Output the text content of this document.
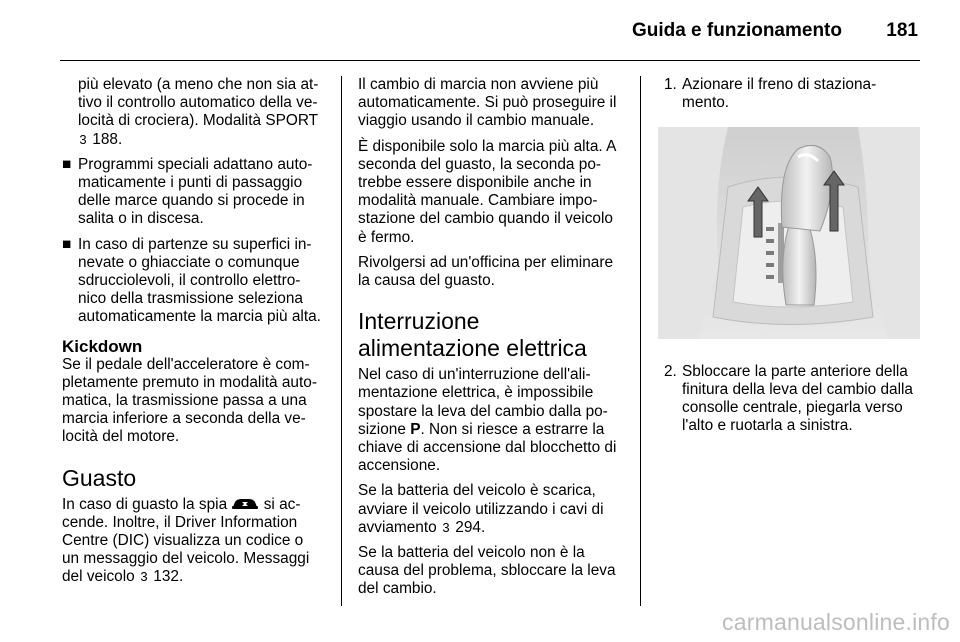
Guida e funzionamento 181
più elevato (a meno che non sia at-tivo il controllo automatico della ve-locità di crociera). Modalità SPORT
3 188.
■ Programmi speciali adattano auto-maticamente i punti di passaggio delle marce quando si procede in salita o in discesa.
■ In caso di partenze su superfici in-nevate o ghiacciate o comunque sdrucciolevoli, il controllo elettro-nico della trasmissione seleziona automaticamente la marcia più alta.
Kickdown
Se il pedale dell'acceleratore è com-pletamente premuto in modalità auto-matica, la trasmissione passa a una marcia inferiore a seconda della ve-locità del motore.
Guasto
In caso di guasto la spia si ac-cende. Inoltre, il Driver Information Centre (DIC) visualizza un codice o un messaggio del veicolo. Messaggi del veicolo 3 132.
Il cambio di marcia non avviene più automaticamente. Si può proseguire il viaggio usando il cambio manuale.
È disponibile solo la marcia più alta. A seconda del guasto, la seconda po-trebbe essere disponibile anche in modalità manuale. Cambiare impo-stazione del cambio quando il veicolo è fermo.
Rivolgersi ad un'officina per eliminare la causa del guasto.
Interruzione alimentazione elettrica
Nel caso di un'interruzione dell'ali-mentazione elettrica, è impossibile spostare la leva del cambio dalla po-sizione P. Non si riesce a estrarre la chiave di accensione dal blocchetto di accensione.
Se la batteria del veicolo è scarica, avviare il veicolo utilizzando i cavi di avviamento 3 294.
Se la batteria del veicolo non è la causa del problema, sbloccare la leva del cambio.
1. Azionare il freno di staziona-mento.
2. Sbloccare la parte anteriore della finitura della leva del cambio dalla consolle centrale, piegarla verso l'alto e ruotarla a sinistra.
carmanualsonline.info
